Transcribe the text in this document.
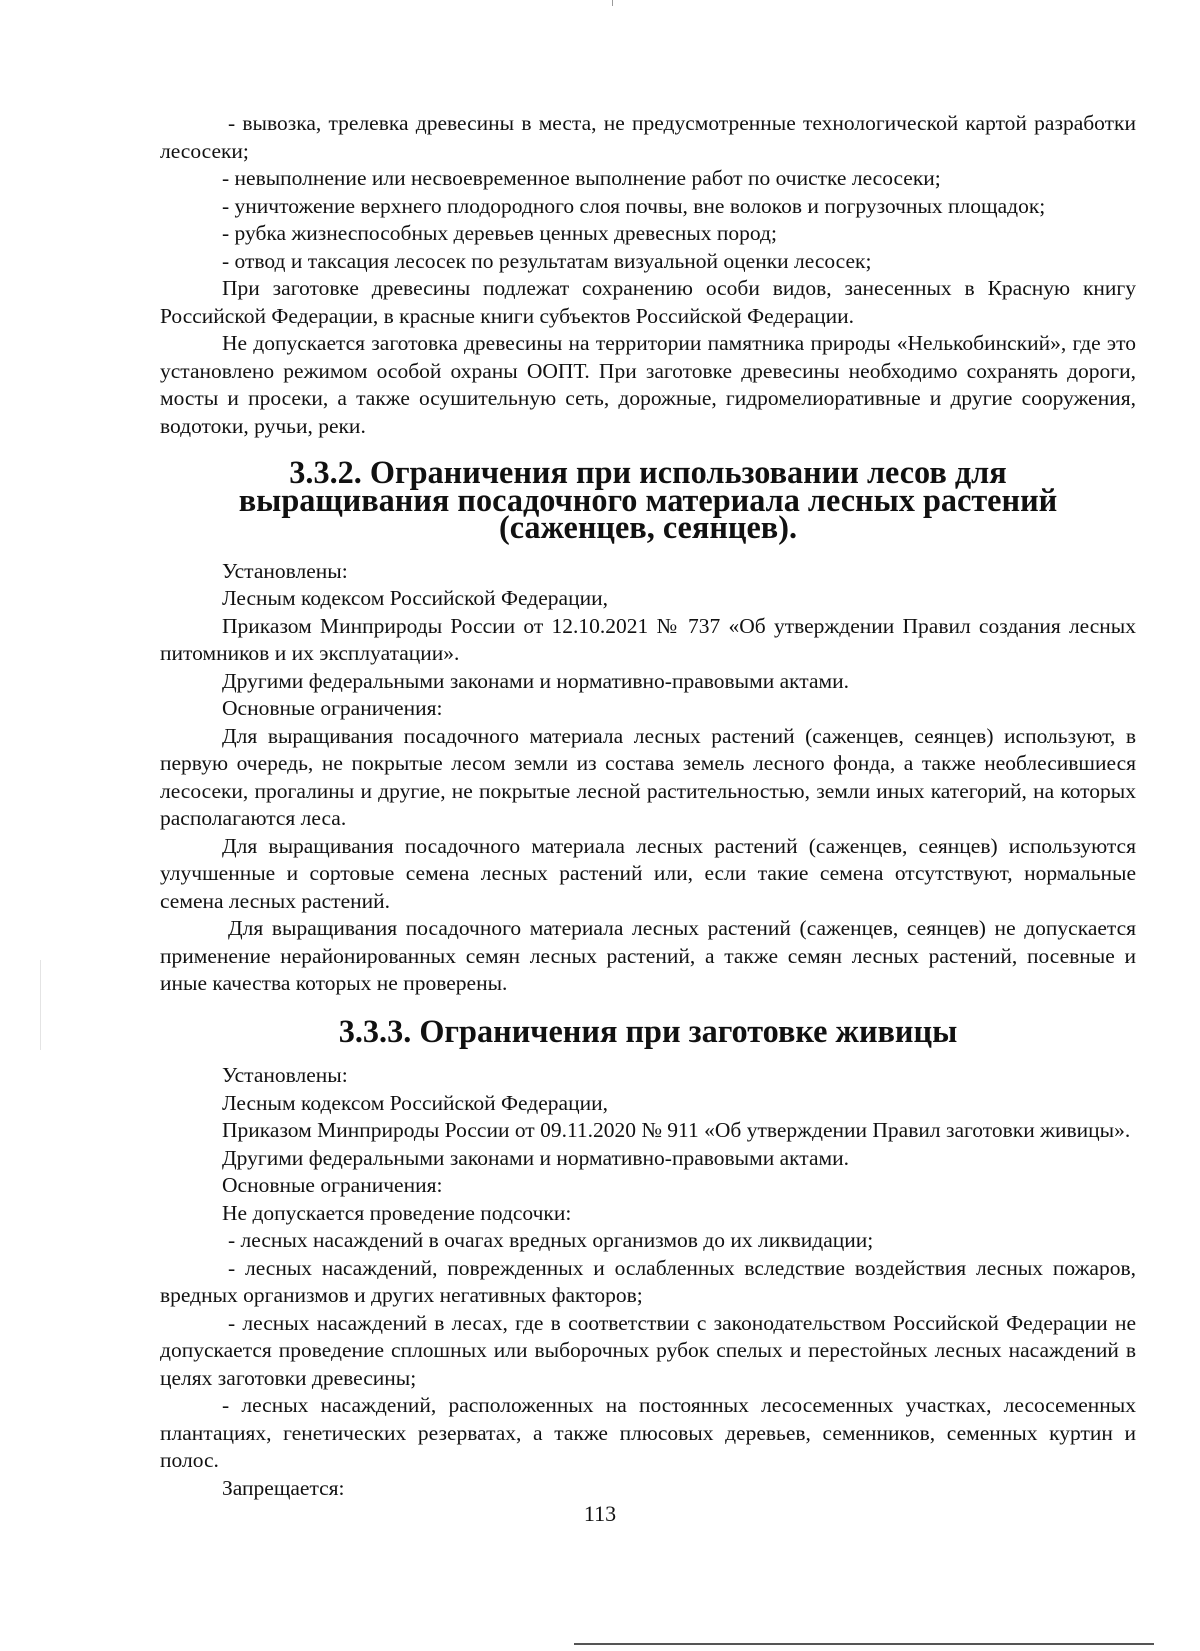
- вывозка, трелевка древесины в места, не предусмотренные технологической картой разработки лесосеки;

- невыполнение или несвоевременное выполнение работ по очистке лесосеки;

- уничтожение верхнего плодородного слоя почвы, вне волоков и погрузочных площадок;

- рубка жизнеспособных деревьев ценных древесных пород;

- отвод и таксация лесосек по результатам визуальной оценки лесосек;

При заготовке древесины подлежат сохранению особи видов, занесенных в Красную книгу Российской Федерации, в красные книги субъектов Российской Федерации.

Не допускается заготовка древесины на территории памятника природы «Нелькобинский», где это установлено режимом особой охраны ООПТ. При заготовке древесины необходимо сохранять дороги, мосты и просеки, а также осушительную сеть, дорожные, гидромелиоративные и другие сооружения, водотоки, ручьи, реки.

3.3.2. Ограничения при использовании лесов для выращивания посадочного материала лесных растений (саженцев, сеянцев).

Установлены:

Лесным кодексом Российской Федерации,

Приказом Минприроды России от 12.10.2021 № 737 «Об утверждении Правил создания лесных питомников и их эксплуатации».

Другими федеральными законами и нормативно-правовыми актами.

Основные ограничения:

Для выращивания посадочного материала лесных растений (саженцев, сеянцев) используют, в первую очередь, не покрытые лесом земли из состава земель лесного фонда, а также необлесившиеся лесосеки, прогалины и другие, не покрытые лесной растительностью, земли иных категорий, на которых располагаются леса.

Для выращивания посадочного материала лесных растений (саженцев, сеянцев) используются улучшенные и сортовые семена лесных растений или, если такие семена отсутствуют, нормальные семена лесных растений.

Для выращивания посадочного материала лесных растений (саженцев, сеянцев) не допускается применение нерайонированных семян лесных растений, а также семян лесных растений, посевные и иные качества которых не проверены.

3.3.3. Ограничения при заготовке живицы

Установлены:

Лесным кодексом Российской Федерации,

Приказом Минприроды России от 09.11.2020 № 911 «Об утверждении Правил заготовки живицы».

Другими федеральными законами и нормативно-правовыми актами.

Основные ограничения:

Не допускается проведение подсочки:

- лесных насаждений в очагах вредных организмов до их ликвидации;

- лесных насаждений, поврежденных и ослабленных вследствие воздействия лесных пожаров, вредных организмов и других негативных факторов;

- лесных насаждений в лесах, где в соответствии с законодательством Российской Федерации не допускается проведение сплошных или выборочных рубок спелых и перестойных лесных насаждений в целях заготовки древесины;

- лесных насаждений, расположенных на постоянных лесосеменных участках, лесосеменных плантациях, генетических резерватах, а также плюсовых деревьев, семенников, семенных куртин и полос.

Запрещается:

113
